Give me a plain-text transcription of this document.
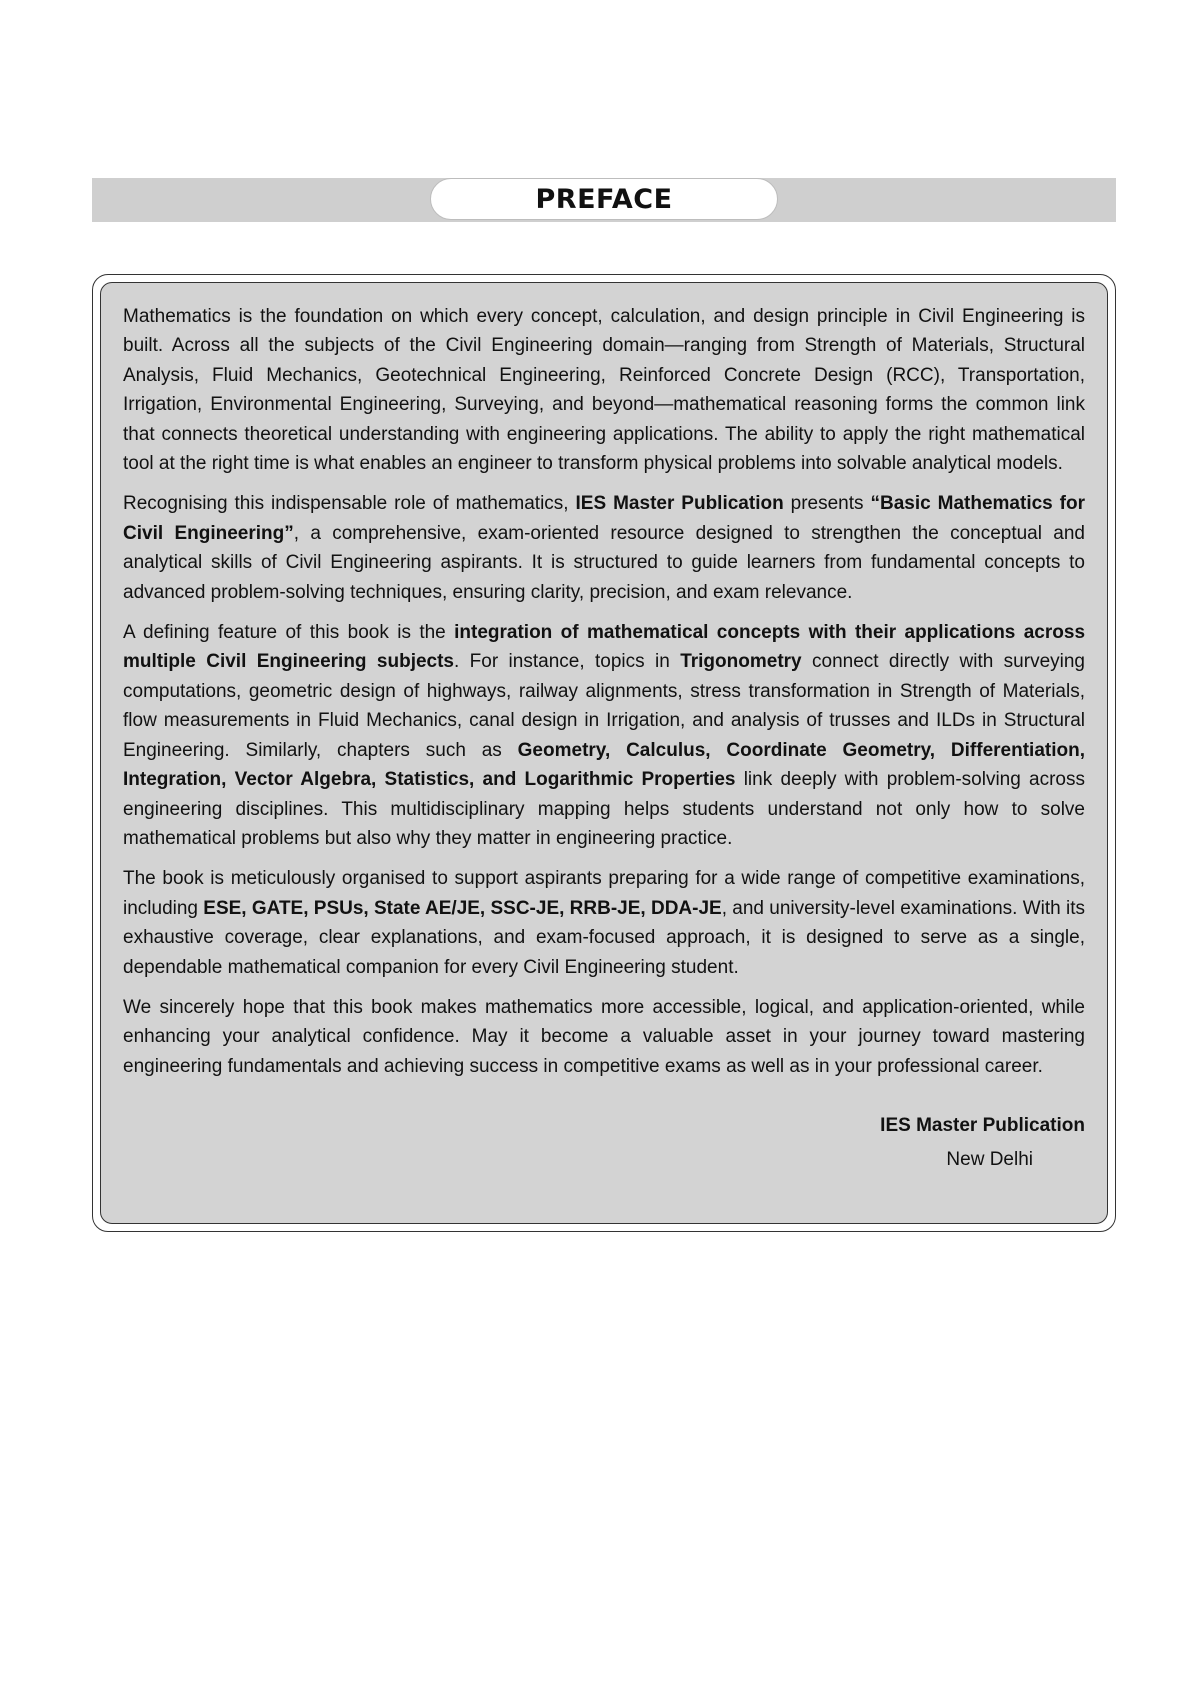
PREFACE

Mathematics is the foundation on which every concept, calculation, and design principle in Civil Engineering is built. Across all the subjects of the Civil Engineering domain—ranging from Strength of Materials, Structural Analysis, Fluid Mechanics, Geotechnical Engineering, Reinforced Concrete Design (RCC), Transportation, Irrigation, Environmental Engineering, Surveying, and beyond—mathematical reasoning forms the common link that connects theoretical understanding with engineering applications. The ability to apply the right mathematical tool at the right time is what enables an engineer to transform physical problems into solvable analytical models.

Recognising this indispensable role of mathematics, IES Master Publication presents “Basic Mathematics for Civil Engineering”, a comprehensive, exam-oriented resource designed to strengthen the conceptual and analytical skills of Civil Engineering aspirants. It is structured to guide learners from fundamental concepts to advanced problem-solving techniques, ensuring clarity, precision, and exam relevance.

A defining feature of this book is the integration of mathematical concepts with their applications across multiple Civil Engineering subjects. For instance, topics in Trigonometry connect directly with surveying computations, geometric design of highways, railway alignments, stress transformation in Strength of Materials, flow measurements in Fluid Mechanics, canal design in Irrigation, and analysis of trusses and ILDs in Structural Engineering. Similarly, chapters such as Geometry, Calculus, Coordinate Geometry, Differentiation, Integration, Vector Algebra, Statistics, and Logarithmic Properties link deeply with problem-solving across engineering disciplines. This multidisciplinary mapping helps students understand not only how to solve mathematical problems but also why they matter in engineering practice.

The book is meticulously organised to support aspirants preparing for a wide range of competitive examinations, including ESE, GATE, PSUs, State AE/JE, SSC-JE, RRB-JE, DDA-JE, and university-level examinations. With its exhaustive coverage, clear explanations, and exam-focused approach, it is designed to serve as a single, dependable mathematical companion for every Civil Engineering student.

We sincerely hope that this book makes mathematics more accessible, logical, and application-oriented, while enhancing your analytical confidence. May it become a valuable asset in your journey toward mastering engineering fundamentals and achieving success in competitive exams as well as in your professional career.

IES Master Publication
New Delhi
